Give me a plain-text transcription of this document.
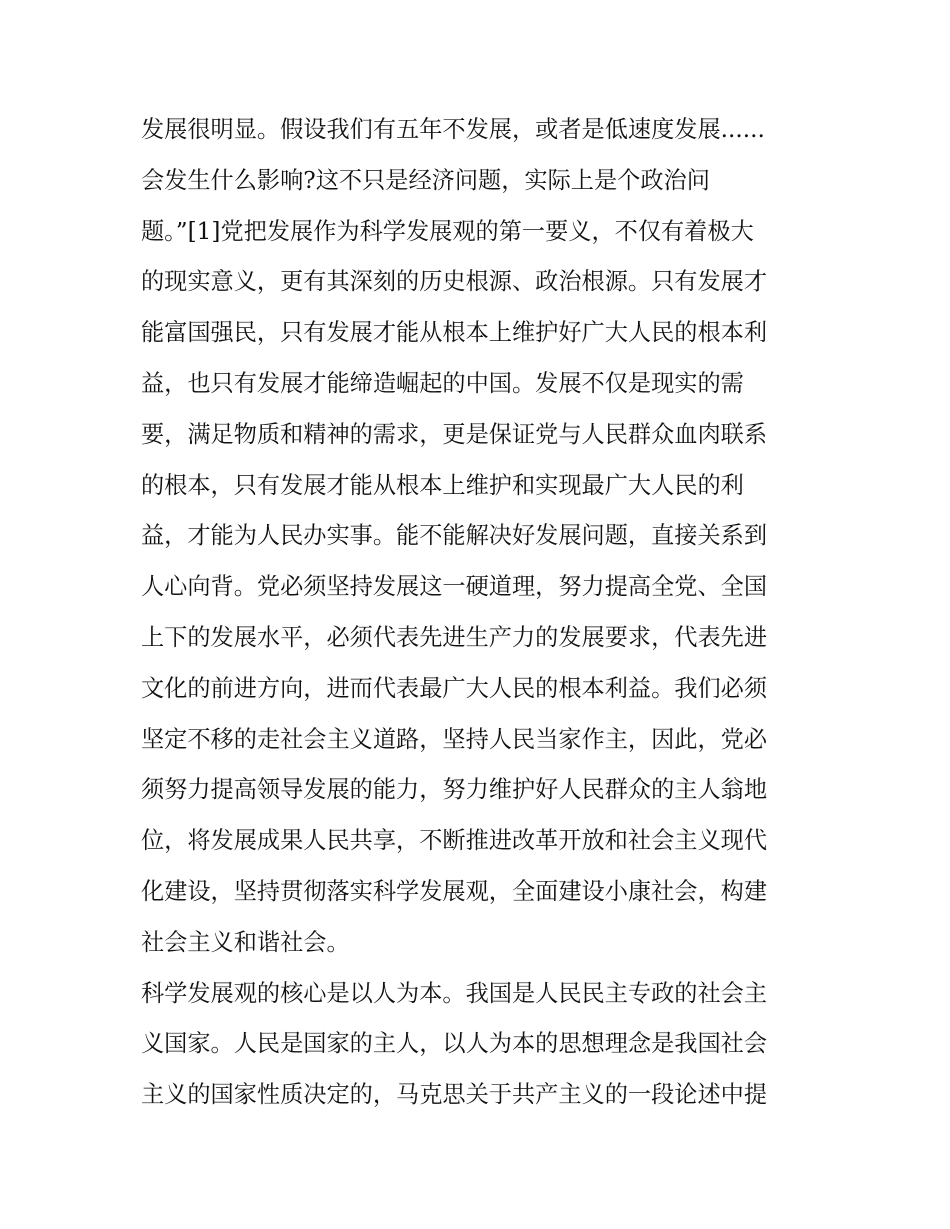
发展很明显。假设我们有五年不发展，或者是低速度发展......
会发生什么影响?这不只是经济问题，实际上是个政治问
题。”[1]党把发展作为科学发展观的第一要义，不仅有着极大
的现实意义，更有其深刻的历史根源、政治根源。只有发展才
能富国强民，只有发展才能从根本上维护好广大人民的根本利
益，也只有发展才能缔造崛起的中国。发展不仅是现实的需
要，满足物质和精神的需求，更是保证党与人民群众血肉联系
的根本，只有发展才能从根本上维护和实现最广大人民的利
益，才能为人民办实事。能不能解决好发展问题，直接关系到
人心向背。党必须坚持发展这一硬道理，努力提高全党、全国
上下的发展水平，必须代表先进生产力的发展要求，代表先进
文化的前进方向，进而代表最广大人民的根本利益。我们必须
坚定不移的走社会主义道路，坚持人民当家作主，因此，党必
须努力提高领导发展的能力，努力维护好人民群众的主人翁地
位，将发展成果人民共享，不断推进改革开放和社会主义现代
化建设，坚持贯彻落实科学发展观，全面建设小康社会，构建
社会主义和谐社会。
科学发展观的核心是以人为本。我国是人民民主专政的社会主
义国家。人民是国家的主人，以人为本的思想理念是我国社会
主义的国家性质决定的，马克思关于共产主义的一段论述中提
